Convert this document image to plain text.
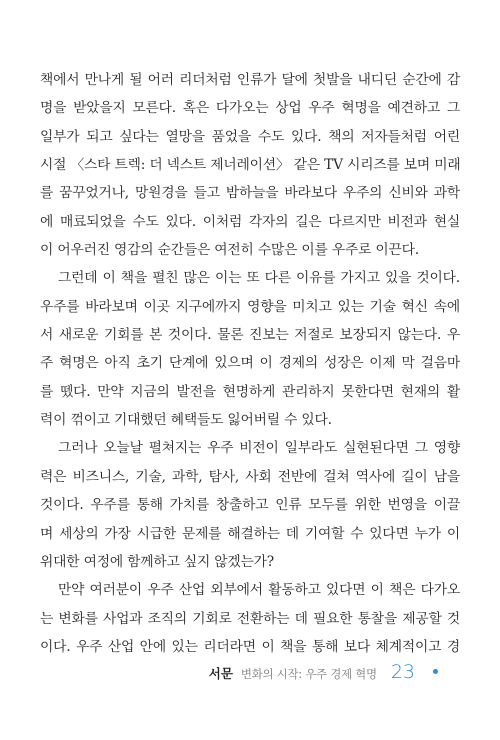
책에서 만나게 될 어러 리더처럼 인류가 달에 첫발을 내디딘 순간에 감
명을 받았을지 모른다. 혹은 다가오는 상업 우주 혁명을 예견하고 그
일부가 되고 싶다는 열망을 품었을 수도 있다. 책의 저자들처럼 어린
시절 〈스타 트렉: 더 넥스트 제너레이션〉 같은 TV 시리즈를 보며 미래
를 꿈꾸었거나, 망원경을 들고 밤하늘을 바라보다 우주의 신비와 과학
에 매료되었을 수도 있다. 이처럼 각자의 길은 다르지만 비전과 현실
이 어우러진 영감의 순간들은 여전히 수많은 이를 우주로 이끈다.

그런데 이 책을 펼친 많은 이는 또 다른 이유를 가지고 있을 것이다.
우주를 바라보며 이곳 지구에까지 영향을 미치고 있는 기술 혁신 속에
서 새로운 기회를 본 것이다. 물론 진보는 저절로 보장되지 않는다. 우
주 혁명은 아직 초기 단계에 있으며 이 경제의 성장은 이제 막 걸음마
를 뗐다. 만약 지금의 발전을 현명하게 관리하지 못한다면 현재의 활
력이 꺾이고 기대했던 혜택들도 잃어버릴 수 있다.

그러나 오늘날 펼쳐지는 우주 비전이 일부라도 실현된다면 그 영향
력은 비즈니스, 기술, 과학, 탐사, 사회 전반에 걸쳐 역사에 길이 남을
것이다. 우주를 통해 가치를 창출하고 인류 모두를 위한 번영을 이끌
며 세상의 가장 시급한 문제를 해결하는 데 기여할 수 있다면 누가 이
위대한 여정에 함께하고 싶지 않겠는가?

만약 여러분이 우주 산업 외부에서 활동하고 있다면 이 책은 다가오
는 변화를 사업과 조직의 기회로 전환하는 데 필요한 통찰을 제공할 것
이다. 우주 산업 안에 있는 리더라면 이 책을 통해 보다 체계적이고 경

서문 변화의 시작: 우주 경제 혁명 23
